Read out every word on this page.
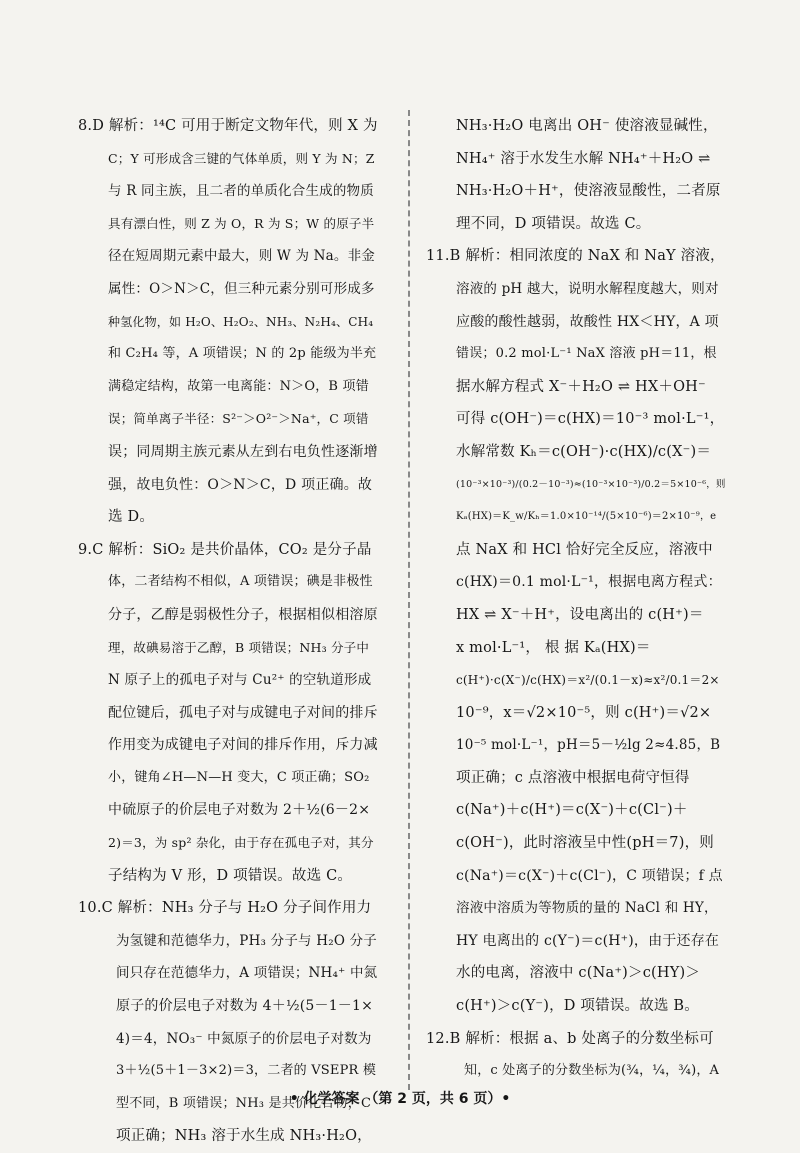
8.D 解析：¹⁴C 可用于断定文物年代，则 X 为
C；Y 可形成含三键的气体单质，则 Y 为 N；Z
与 R 同主族，且二者的单质化合生成的物质
具有漂白性，则 Z 为 O，R 为 S；W 的原子半
径在短周期元素中最大，则 W 为 Na。非金
属性：O＞N＞C，但三种元素分别可形成多
种氢化物，如 H₂O、H₂O₂、NH₃、N₂H₄、CH₄
和 C₂H₄ 等，A 项错误；N 的 2p 能级为半充
满稳定结构，故第一电离能：N＞O，B 项错
误；简单离子半径：S²⁻＞O²⁻＞Na⁺，C 项错
误；同周期主族元素从左到右电负性逐渐增
强，故电负性：O＞N＞C，D 项正确。故
选 D。
9.C 解析：SiO₂ 是共价晶体，CO₂ 是分子晶
体，二者结构不相似，A 项错误；碘是非极性
分子，乙醇是弱极性分子，根据相似相溶原
理，故碘易溶于乙醇，B 项错误；NH₃ 分子中
N 原子上的孤电子对与 Cu²⁺ 的空轨道形成
配位键后，孤电子对与成键电子对间的排斥
作用变为成键电子对间的排斥作用，斥力减
小，键角∠H—N—H 变大，C 项正确；SO₂
中硫原子的价层电子对数为 2＋½(6－2×
2)＝3，为 sp² 杂化，由于存在孤电子对，其分
子结构为 V 形，D 项错误。故选 C。
10.C 解析：NH₃ 分子与 H₂O 分子间作用力
为氢键和范德华力，PH₃ 分子与 H₂O 分子
间只存在范德华力，A 项错误；NH₄⁺ 中氮
原子的价层电子对数为 4＋½(5－1－1×
4)＝4，NO₃⁻ 中氮原子的价层电子对数为
3＋½(5＋1－3×2)＝3，二者的 VSEPR 模
型不同，B 项错误；NH₃ 是共价化合物，C
项正确；NH₃ 溶于水生成 NH₃·H₂O，
NH₃·H₂O 电离出 OH⁻ 使溶液显碱性，
NH₄⁺ 溶于水发生水解 NH₄⁺＋H₂O ⇌
NH₃·H₂O＋H⁺，使溶液显酸性，二者原
理不同，D 项错误。故选 C。
11.B 解析：相同浓度的 NaX 和 NaY 溶液，
溶液的 pH 越大，说明水解程度越大，则对
应酸的酸性越弱，故酸性 HX＜HY，A 项
错误；0.2 mol·L⁻¹ NaX 溶液 pH＝11，根
据水解方程式 X⁻＋H₂O ⇌ HX＋OH⁻
可得 c(OH⁻)＝c(HX)＝10⁻³ mol·L⁻¹，
水解常数 Kₕ＝c(OH⁻)·c(HX)/c(X⁻)＝
(10⁻³×10⁻³)/(0.2－10⁻³)≈(10⁻³×10⁻³)/0.2＝5×10⁻⁶，则
Kₐ(HX)＝K_w/Kₕ＝1.0×10⁻¹⁴/(5×10⁻⁶)＝2×10⁻⁹，e
点 NaX 和 HCl 恰好完全反应，溶液中
c(HX)＝0.1 mol·L⁻¹，根据电离方程式：
HX ⇌ X⁻＋H⁺，设电离出的 c(H⁺)＝
x mol·L⁻¹， 根 据 Kₐ(HX)＝
c(H⁺)·c(X⁻)/c(HX)＝x²/(0.1－x)≈x²/0.1＝2×
10⁻⁹，x＝√2×10⁻⁵，则 c(H⁺)＝√2×
10⁻⁵ mol·L⁻¹，pH＝5－½lg 2≈4.85，B
项正确；c 点溶液中根据电荷守恒得
c(Na⁺)＋c(H⁺)＝c(X⁻)＋c(Cl⁻)＋
c(OH⁻)，此时溶液呈中性(pH＝7)，则
c(Na⁺)＝c(X⁻)＋c(Cl⁻)，C 项错误；f 点
溶液中溶质为等物质的量的 NaCl 和 HY，
HY 电离出的 c(Y⁻)＝c(H⁺)，由于还存在
水的电离，溶液中 c(Na⁺)＞c(HY)＞
c(H⁺)＞c(Y⁻)，D 项错误。故选 B。
12.B 解析：根据 a、b 处离子的分数坐标可
知，c 处离子的分数坐标为(¾，¼，¾)，A
• 化学答案 （第 2 页，共 6 页）•
